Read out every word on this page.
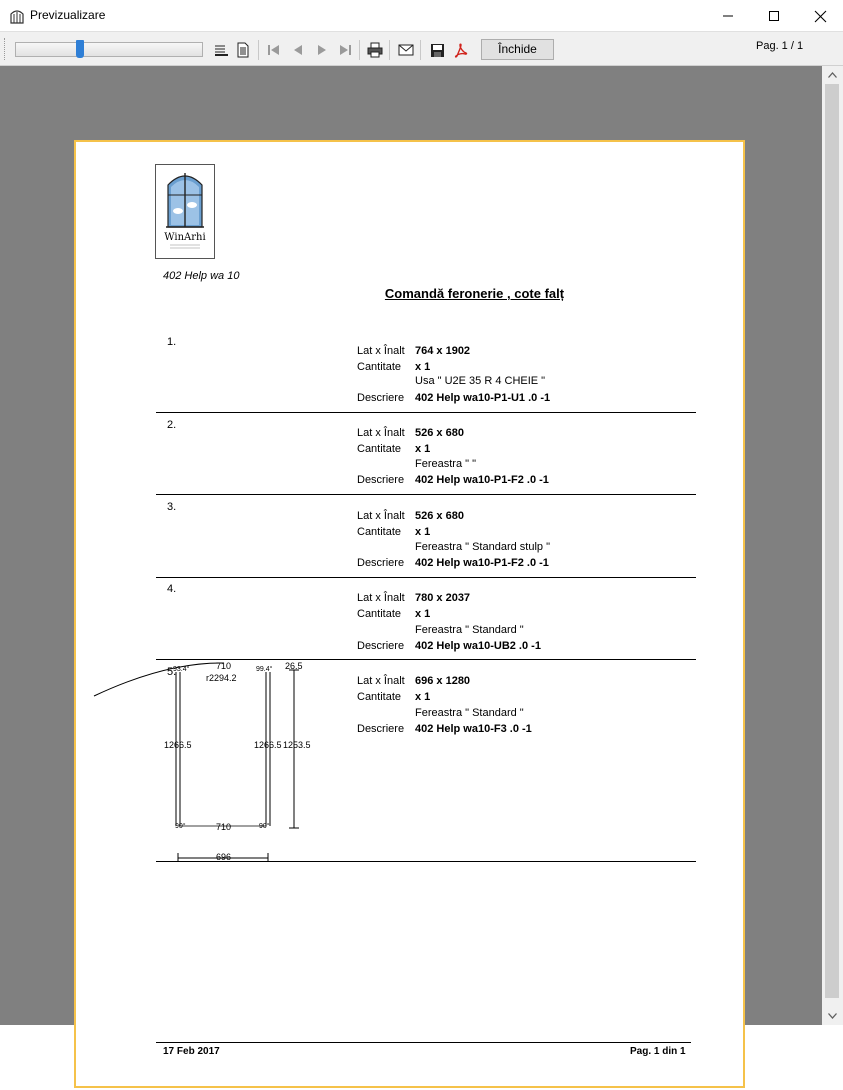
Previzualizare
Închide	Pag. 1 / 1
WinArhi
402 Help wa 10
Comandă feronerie , cote falț
1.
Lat x Înalt 764 x 1902
Cantitate x 1
Usa " U2E 35 R 4 CHEIE "
Descriere 402 Help wa10-P1-U1 .0 -1
2.
Lat x Înalt 526 x 680
Cantitate x 1
Fereastra " "
Descriere 402 Help wa10-P1-F2 .0 -1
3.
Lat x Înalt 526 x 680
Cantitate x 1
Fereastra " Standard stulp "
Descriere 402 Help wa10-P1-F2 .0 -1
4.
Lat x Înalt 780 x 2037
Cantitate x 1
Fereastra " Standard "
Descriere 402 Help wa10-UB2 .0 -1
5.
Lat x Înalt 696 x 1280
Cantitate x 1
Fereastra " Standard "
Descriere 402 Help wa10-F3 .0 -1
710
r2294.2
93.4°	99.4° 26.5
1266.5	1266.5 1253.5
90°	710	90°
696
17 Feb 2017	Pag. 1 din 1
